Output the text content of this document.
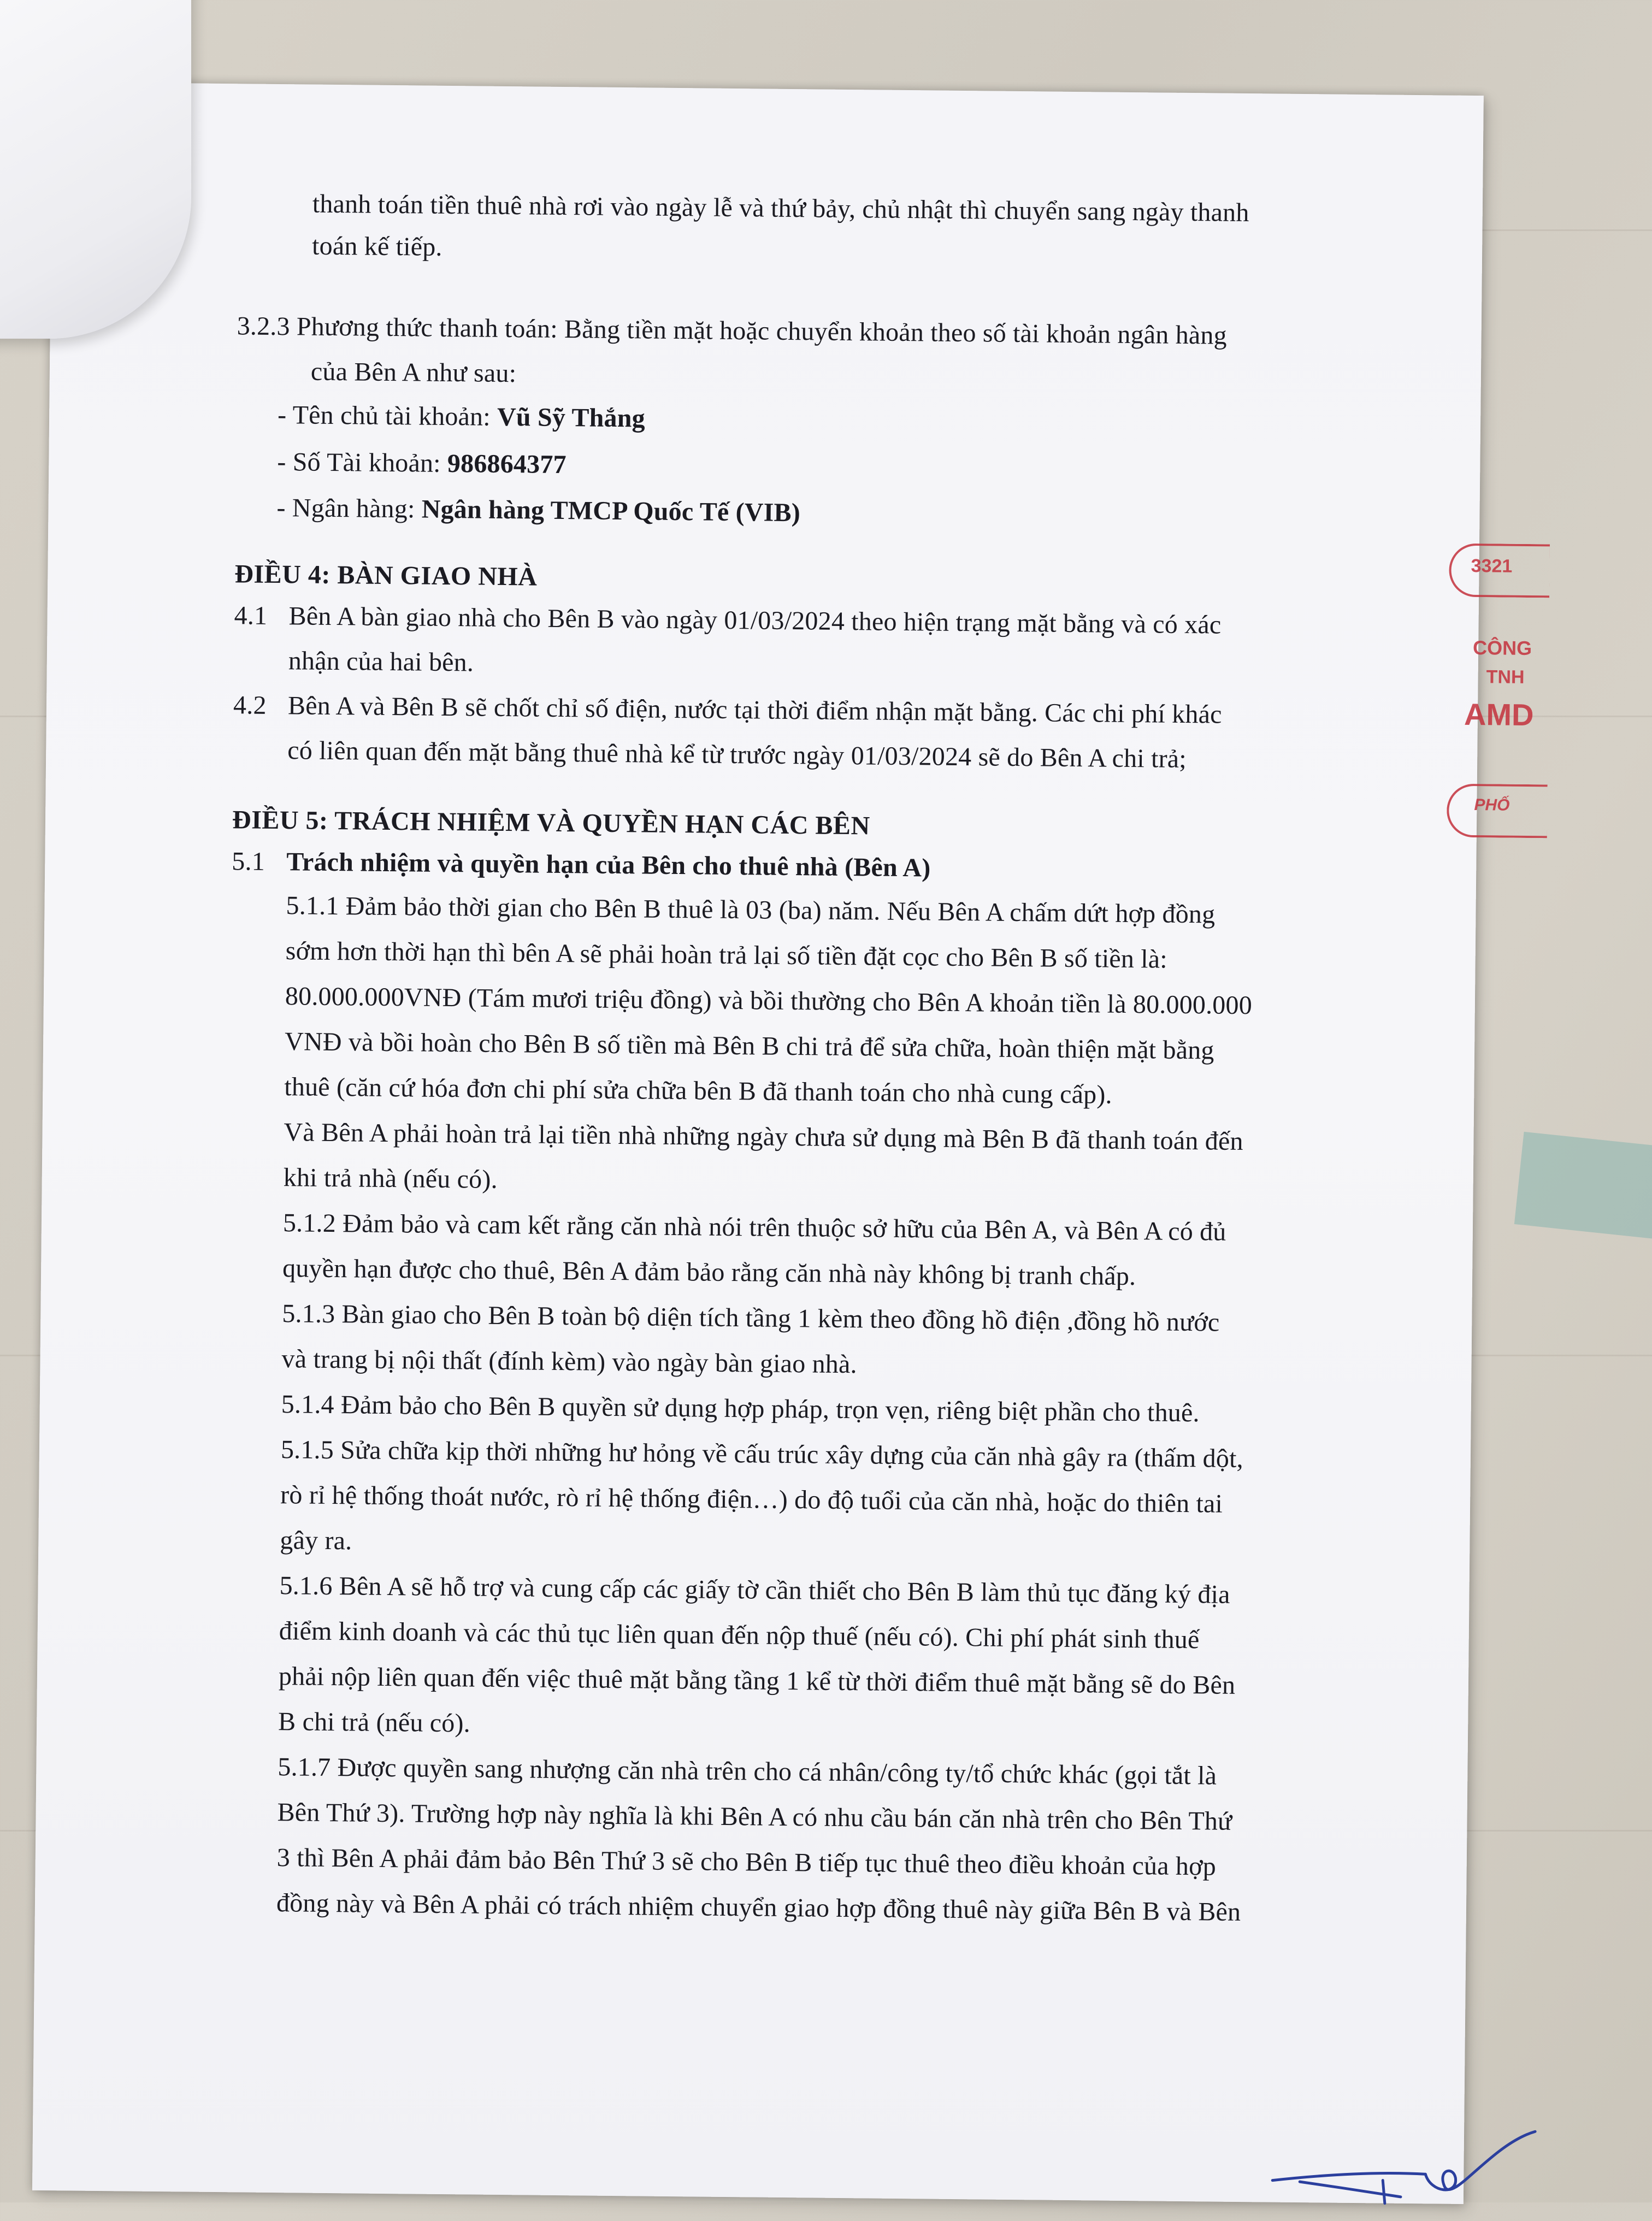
thanh toán tiền thuê nhà rơi vào ngày lễ và thứ bảy, chủ nhật thì chuyển sang ngày thanh
toán kế tiếp.
3.2.3 Phương thức thanh toán: Bằng tiền mặt hoặc chuyển khoản theo số tài khoản ngân hàng
của Bên A như sau:
- Tên chủ tài khoản: Vũ Sỹ Thắng
- Số Tài khoản: 986864377
- Ngân hàng: Ngân hàng TMCP Quốc Tế (VIB)
ĐIỀU 4: BÀN GIAO NHÀ
4.1 Bên A bàn giao nhà cho Bên B vào ngày 01/03/2024 theo hiện trạng mặt bằng và có xác
nhận của hai bên.
4.2 Bên A và Bên B sẽ chốt chỉ số điện, nước tại thời điểm nhận mặt bằng. Các chi phí khác
có liên quan đến mặt bằng thuê nhà kể từ trước ngày 01/03/2024 sẽ do Bên A chi trả;
ĐIỀU 5: TRÁCH NHIỆM VÀ QUYỀN HẠN CÁC BÊN
5.1 Trách nhiệm và quyền hạn của Bên cho thuê nhà (Bên A)
5.1.1 Đảm bảo thời gian cho Bên B thuê là 03 (ba) năm. Nếu Bên A chấm dứt hợp đồng
sớm hơn thời hạn thì bên A sẽ phải hoàn trả lại số tiền đặt cọc cho Bên B số tiền là:
80.000.000VNĐ (Tám mươi triệu đồng) và bồi thường cho Bên A khoản tiền là 80.000.000
VNĐ và bồi hoàn cho Bên B số tiền mà Bên B chi trả để sửa chữa, hoàn thiện mặt bằng
thuê (căn cứ hóa đơn chi phí sửa chữa bên B đã thanh toán cho nhà cung cấp).
Và Bên A phải hoàn trả lại tiền nhà những ngày chưa sử dụng mà Bên B đã thanh toán đến
khi trả nhà (nếu có).
5.1.2 Đảm bảo và cam kết rằng căn nhà nói trên thuộc sở hữu của Bên A, và Bên A có đủ
quyền hạn được cho thuê, Bên A đảm bảo rằng căn nhà này không bị tranh chấp.
5.1.3 Bàn giao cho Bên B toàn bộ diện tích tầng 1 kèm theo đồng hồ điện ,đồng hồ nước
và trang bị nội thất (đính kèm) vào ngày bàn giao nhà.
5.1.4 Đảm bảo cho Bên B quyền sử dụng hợp pháp, trọn vẹn, riêng biệt phần cho thuê.
5.1.5 Sửa chữa kịp thời những hư hỏng về cấu trúc xây dựng của căn nhà gây ra (thấm dột,
rò rỉ hệ thống thoát nước, rò rỉ hệ thống điện…) do độ tuổi của căn nhà, hoặc do thiên tai
gây ra.
5.1.6 Bên A sẽ hỗ trợ và cung cấp các giấy tờ cần thiết cho Bên B làm thủ tục đăng ký địa
điểm kinh doanh và các thủ tục liên quan đến nộp thuế (nếu có). Chi phí phát sinh thuế
phải nộp liên quan đến việc thuê mặt bằng tầng 1 kể từ thời điểm thuê mặt bằng sẽ do Bên
B chi trả (nếu có).
5.1.7 Được quyền sang nhượng căn nhà trên cho cá nhân/công ty/tổ chức khác (gọi tắt là
Bên Thứ 3). Trường hợp này nghĩa là khi Bên A có nhu cầu bán căn nhà trên cho Bên Thứ
3 thì Bên A phải đảm bảo Bên Thứ 3 sẽ cho Bên B tiếp tục thuê theo điều khoản của hợp
đồng này và Bên A phải có trách nhiệm chuyển giao hợp đồng thuê này giữa Bên B và Bên
3321
CÔNG
TNH
AMD
PHỐ
